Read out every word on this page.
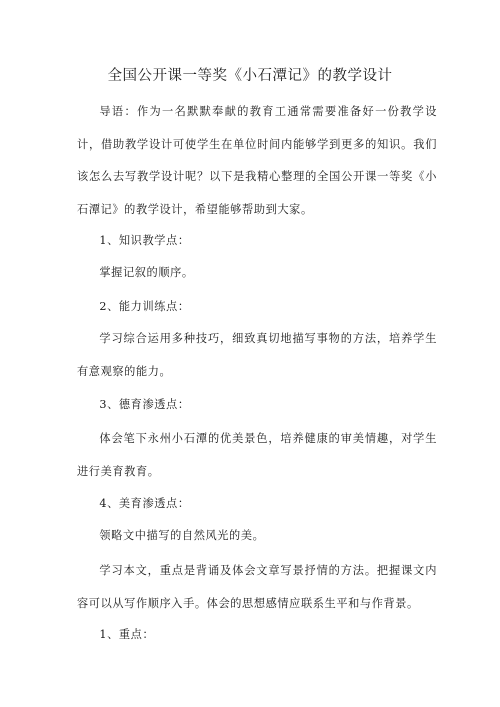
全国公开课一等奖《小石潭记》的教学设计

导语：作为一名默默奉献的教育工通常需要准备好一份教学设计，借助教学设计可使学生在单位时间内能够学到更多的知识。我们该怎么去写教学设计呢？以下是我精心整理的全国公开课一等奖《小石潭记》的教学设计，希望能够帮助到大家。

1、知识教学点：

掌握记叙的顺序。

2、能力训练点：

学习综合运用多种技巧，细致真切地描写事物的方法，培养学生有意观察的能力。

3、德育渗透点：

体会笔下永州小石潭的优美景色，培养健康的审美情趣，对学生进行美育教育。

4、美育渗透点：

领略文中描写的自然风光的美。

学习本文，重点是背诵及体会文章写景抒情的方法。把握课文内容可以从写作顺序入手。体会的思想感情应联系生平和与作背景。

1、重点：
